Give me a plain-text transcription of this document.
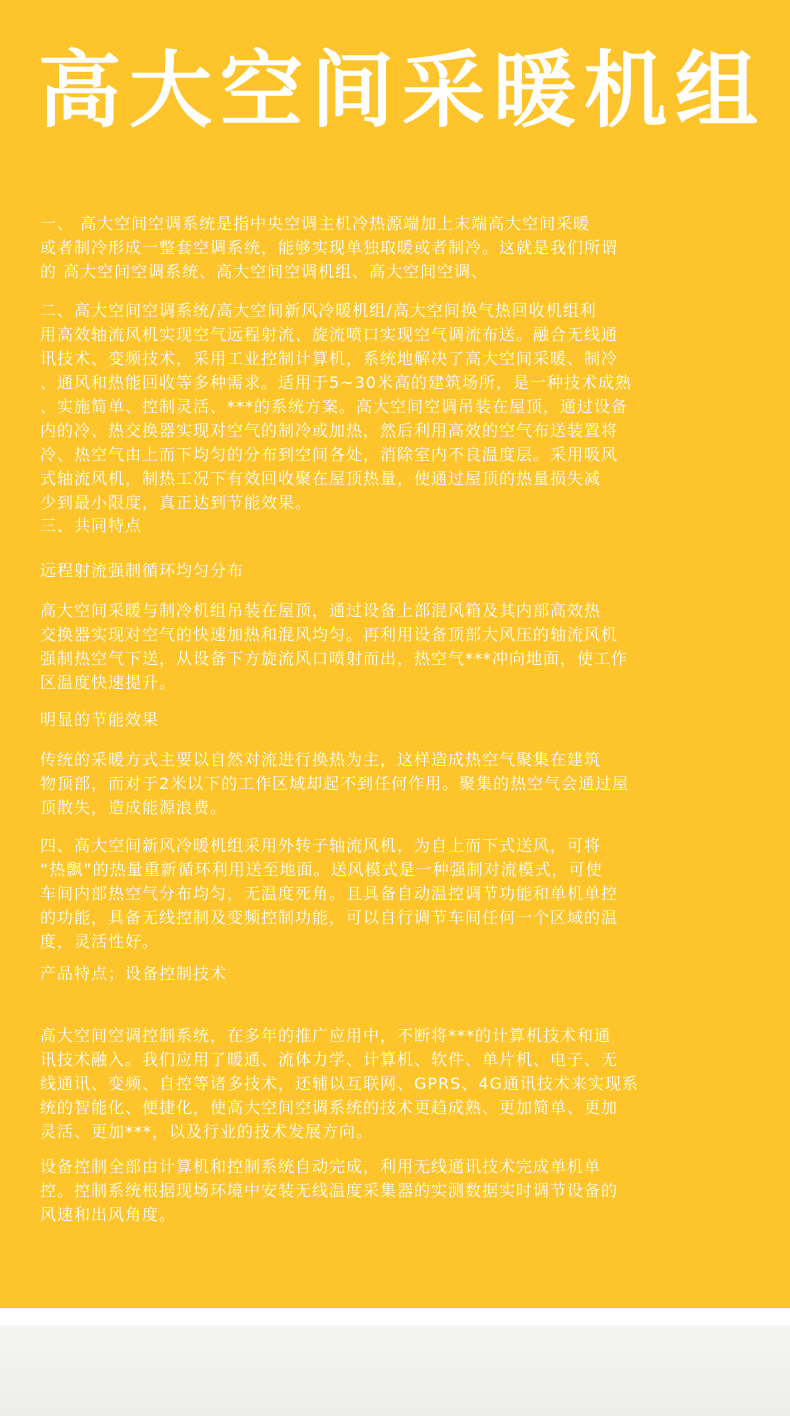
高大空间采暖机组

一、 高大空间空调系统是指中央空调主机冷热源端加上末端高大空间采暖
或者制冷形成一整套空调系统，能够实现单独取暖或者制冷。这就是我们所谓
的 高大空间空调系统、高大空间空调机组、高大空间空调、

二、高大空间空调系统/高大空间新风冷暖机组/高大空间换气热回收机组利
用高效轴流风机实现空气远程射流、旋流喷口实现空气调流布送。融合无线通
讯技术、变频技术，采用工业控制计算机，系统地解决了高大空间采暖、制冷
、通风和热能回收等多种需求。适用于5~30米高的建筑场所，是一种技术成熟
、实施简单、控制灵活、***的系统方案。高大空间空调吊装在屋顶，通过设备
内的冷、热交换器实现对空气的制冷或加热，然后利用高效的空气布送装置将
冷、热空气由上而下均匀的分布到空间各处，消除室内不良温度层。采用吸风
式轴流风机，制热工况下有效回收聚在屋顶热量，使通过屋顶的热量损失减
少到最小限度，真正达到节能效果。

三、共同特点

远程射流强制循环均匀分布

高大空间采暖与制冷机组吊装在屋顶，通过设备上部混风箱及其内部高效热
交换器实现对空气的快速加热和混风均匀。再利用设备顶部大风压的轴流风机
强制热空气下送，从设备下方旋流风口喷射而出，热空气***冲向地面，使工作
区温度快速提升。

明显的节能效果

传统的采暖方式主要以自然对流进行换热为主，这样造成热空气聚集在建筑
物顶部，而对于2米以下的工作区域却起不到任何作用。聚集的热空气会通过屋
顶散失，造成能源浪费。

四、高大空间新风冷暖机组采用外转子轴流风机，为自上而下式送风，可将
“热飘”的热量重新循环利用送至地面。送风模式是一种强制对流模式，可使
车间内部热空气分布均匀，无温度死角。且具备自动温控调节功能和单机单控
的功能，具备无线控制及变频控制功能，可以自行调节车间任何一个区域的温
度，灵活性好。

产品特点；设备控制技术

高大空间空调控制系统，在多年的推广应用中，不断将***的计算机技术和通
讯技术融入。我们应用了暖通、流体力学、计算机、软件、单片机、电子、无
线通讯、变频、自控等诸多技术，还辅以互联网、GPRS、4G通讯技术来实现系
统的智能化、便捷化，使高大空间空调系统的技术更趋成熟、更加简单、更加
灵活、更加***，以及行业的技术发展方向。

设备控制全部由计算机和控制系统自动完成，利用无线通讯技术完成单机单
控。控制系统根据现场环境中安装无线温度采集器的实测数据实时调节设备的
风速和出风角度。
